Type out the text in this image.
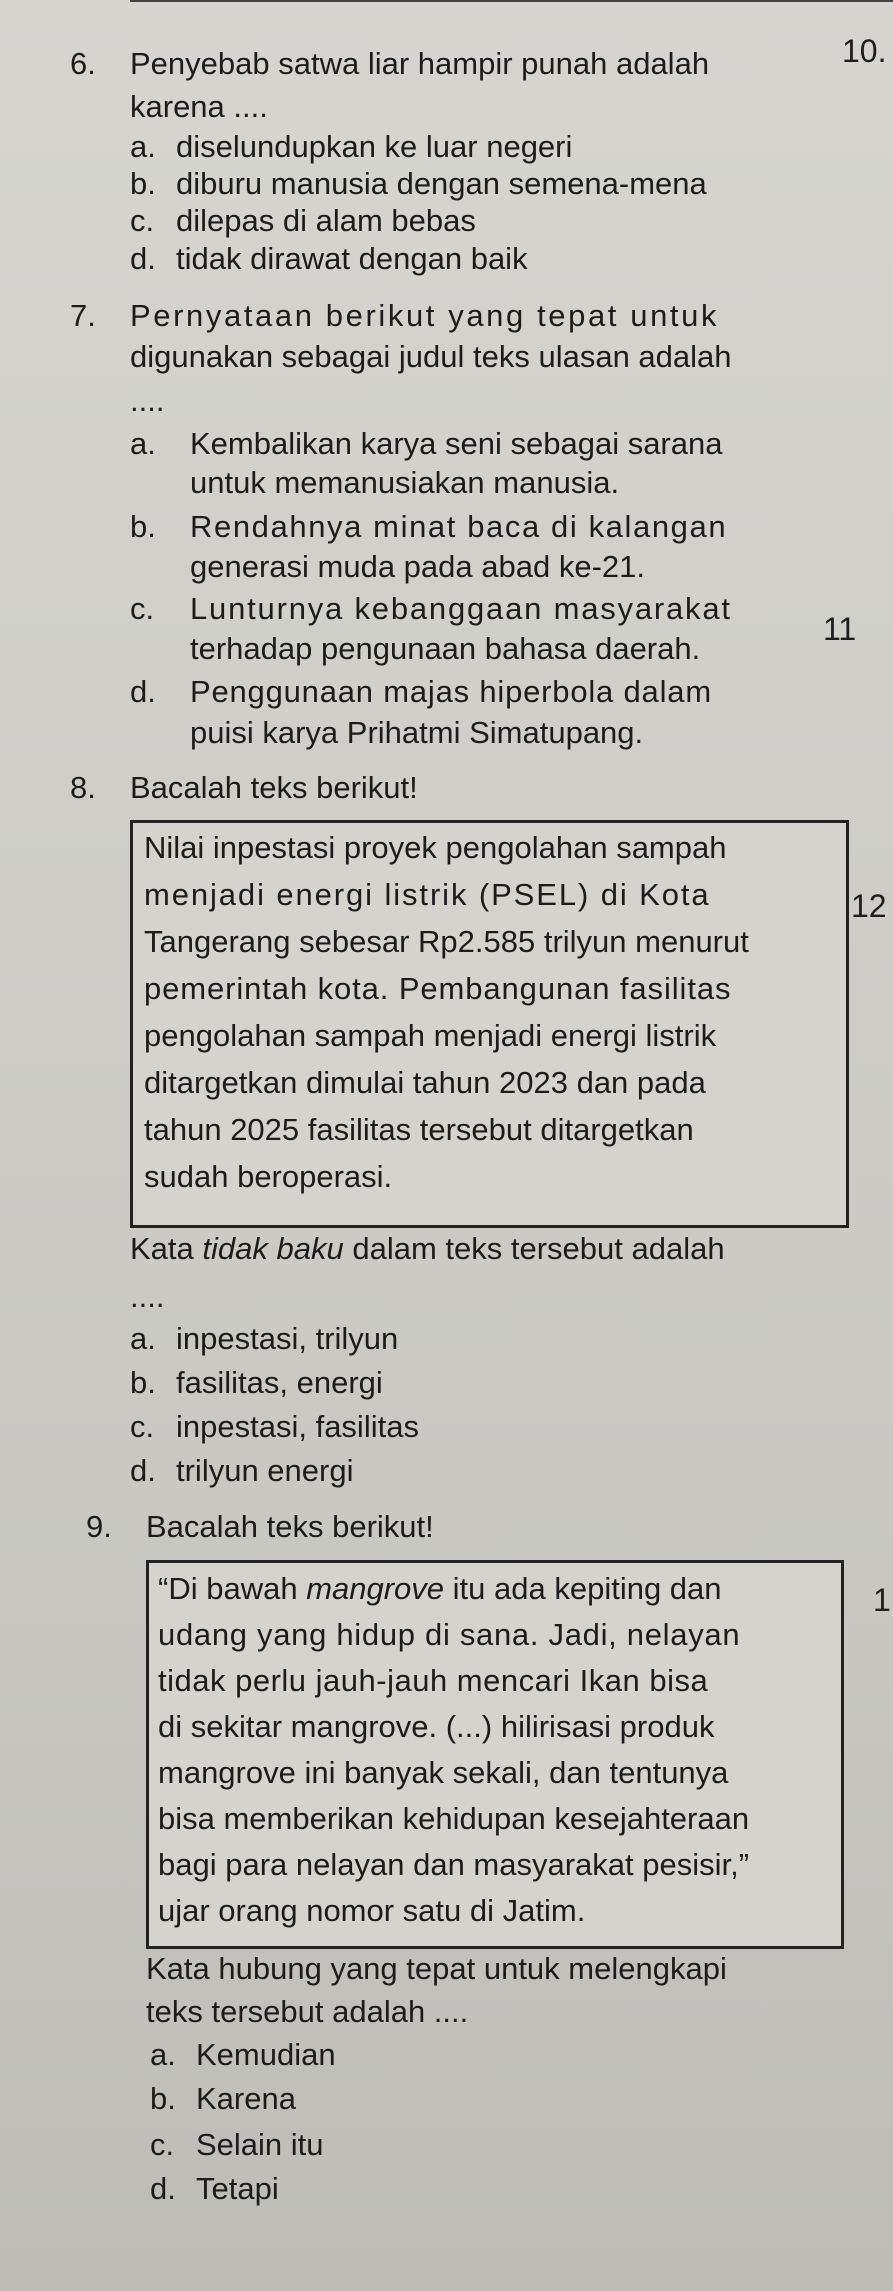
10.
11
12
1
6. Penyebab satwa liar hampir punah adalah
karena ....
a. diselundupkan ke luar negeri
b. diburu manusia dengan semena-mena
c. dilepas di alam bebas
d. tidak dirawat dengan baik
7. Pernyataan berikut yang tepat untuk
digunakan sebagai judul teks ulasan adalah
....
a. Kembalikan karya seni sebagai sarana
untuk memanusiakan manusia.
b. Rendahnya minat baca di kalangan
generasi muda pada abad ke-21.
c. Lunturnya kebanggaan masyarakat
terhadap pengunaan bahasa daerah.
d. Penggunaan majas hiperbola dalam
puisi karya Prihatmi Simatupang.
8. Bacalah teks berikut!
Nilai inpestasi proyek pengolahan sampah
menjadi energi listrik (PSEL) di Kota
Tangerang sebesar Rp2.585 trilyun menurut
pemerintah kota. Pembangunan fasilitas
pengolahan sampah menjadi energi listrik
ditargetkan dimulai tahun 2023 dan pada
tahun 2025 fasilitas tersebut ditargetkan
sudah beroperasi.
Kata tidak baku dalam teks tersebut adalah
....
a. inpestasi, trilyun
b. fasilitas, energi
c. inpestasi, fasilitas
d. trilyun energi
9. Bacalah teks berikut!
“Di bawah mangrove itu ada kepiting dan
udang yang hidup di sana. Jadi, nelayan
tidak perlu jauh-jauh mencari Ikan bisa
di sekitar mangrove. (...) hilirisasi produk
mangrove ini banyak sekali, dan tentunya
bisa memberikan kehidupan kesejahteraan
bagi para nelayan dan masyarakat pesisir,”
ujar orang nomor satu di Jatim.
Kata hubung yang tepat untuk melengkapi
teks tersebut adalah ....
a. Kemudian
b. Karena
c. Selain itu
d. Tetapi
